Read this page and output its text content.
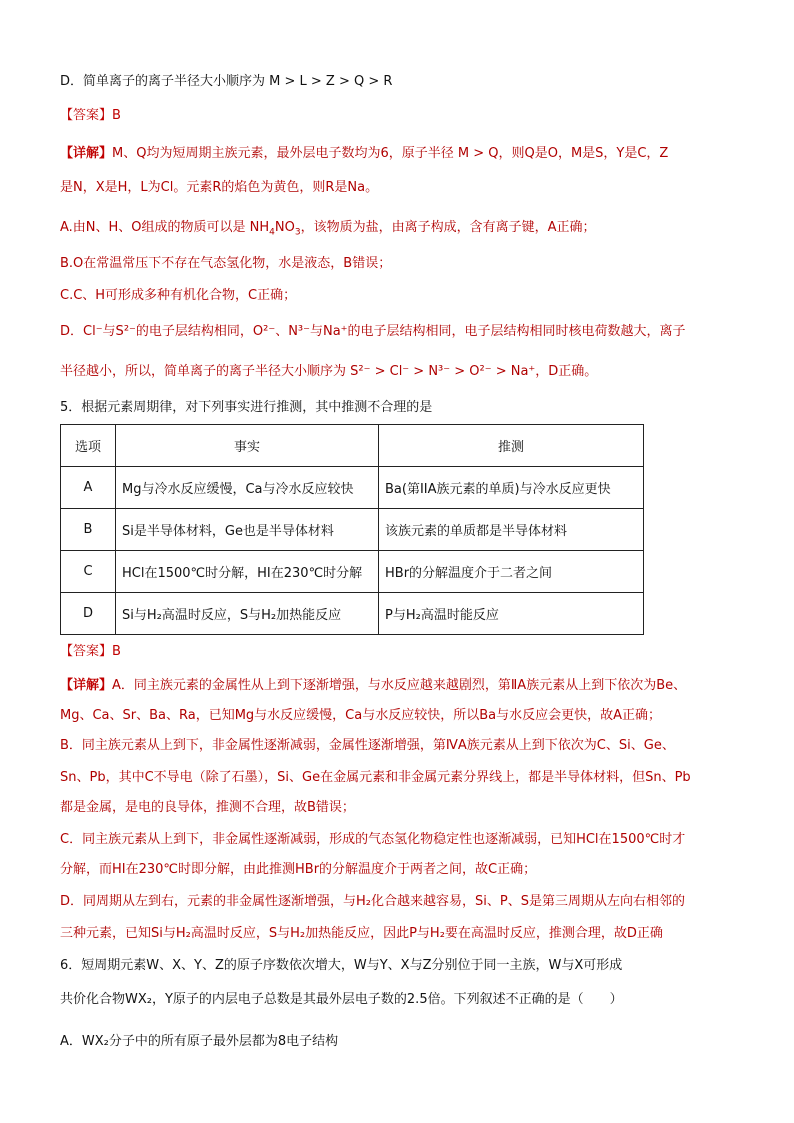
D．简单离子的离子半径大小顺序为 M > L > Z > Q > R
【答案】B
【详解】M、Q均为短周期主族元素，最外层电子数均为6，原子半径 M > Q，则Q是O，M是S，Y是C，Z
是N，X是H，L为Cl。元素R的焰色为黄色，则R是Na。
A.由N、H、O组成的物质可以是 $NH_4NO_3$，该物质为盐，由离子构成，含有离子键，A正确；
B.O在常温常压下不存在气态氢化物，水是液态，B错误；
C.C、H可形成多种有机化合物，C正确；
D．Cl⁻与S²⁻的电子层结构相同，O²⁻、N³⁻与Na⁺的电子层结构相同，电子层结构相同时核电荷数越大，离子
半径越小，所以，简单离子的离子半径大小顺序为 S²⁻ > Cl⁻ > N³⁻ > O²⁻ > Na⁺，D正确。
5．根据元素周期律，对下列事实进行推测，其中推测不合理的是
选项	事实	推测
A	Mg与冷水反应缓慢，Ca与冷水反应较快	Ba(第IIA族元素的单质)与冷水反应更快
B	Si是半导体材料，Ge也是半导体材料	该族元素的单质都是半导体材料
C	HCl在1500℃时分解，HI在230℃时分解	HBr的分解温度介于二者之间
D	Si与H₂高温时反应，S与H₂加热能反应	P与H₂高温时能反应
【答案】B
【详解】A．同主族元素的金属性从上到下逐渐增强，与水反应越来越剧烈，第ⅡA族元素从上到下依次为Be、
Mg、Ca、Sr、Ba、Ra，已知Mg与水反应缓慢，Ca与水反应较快，所以Ba与水反应会更快，故A正确；
B．同主族元素从上到下，非金属性逐渐减弱，金属性逐渐增强，第ⅣA族元素从上到下依次为C、Si、Ge、
Sn、Pb，其中C不导电（除了石墨），Si、Ge在金属元素和非金属元素分界线上，都是半导体材料，但Sn、Pb
都是金属，是电的良导体，推测不合理，故B错误；
C．同主族元素从上到下，非金属性逐渐减弱，形成的气态氢化物稳定性也逐渐减弱，已知HCl在1500℃时才
分解，而HI在230℃时即分解，由此推测HBr的分解温度介于两者之间，故C正确；
D．同周期从左到右，元素的非金属性逐渐增强，与H₂化合越来越容易，Si、P、S是第三周期从左向右相邻的
三种元素，已知Si与H₂高温时反应，S与H₂加热能反应，因此P与H₂要在高温时反应，推测合理，故D正确
6．短周期元素W、X、Y、Z的原子序数依次增大，W与Y、X与Z分别位于同一主族，W与X可形成
共价化合物WX₂，Y原子的内层电子总数是其最外层电子数的2.5倍。下列叙述不正确的是（　　）
A．WX₂分子中的所有原子最外层都为8电子结构
